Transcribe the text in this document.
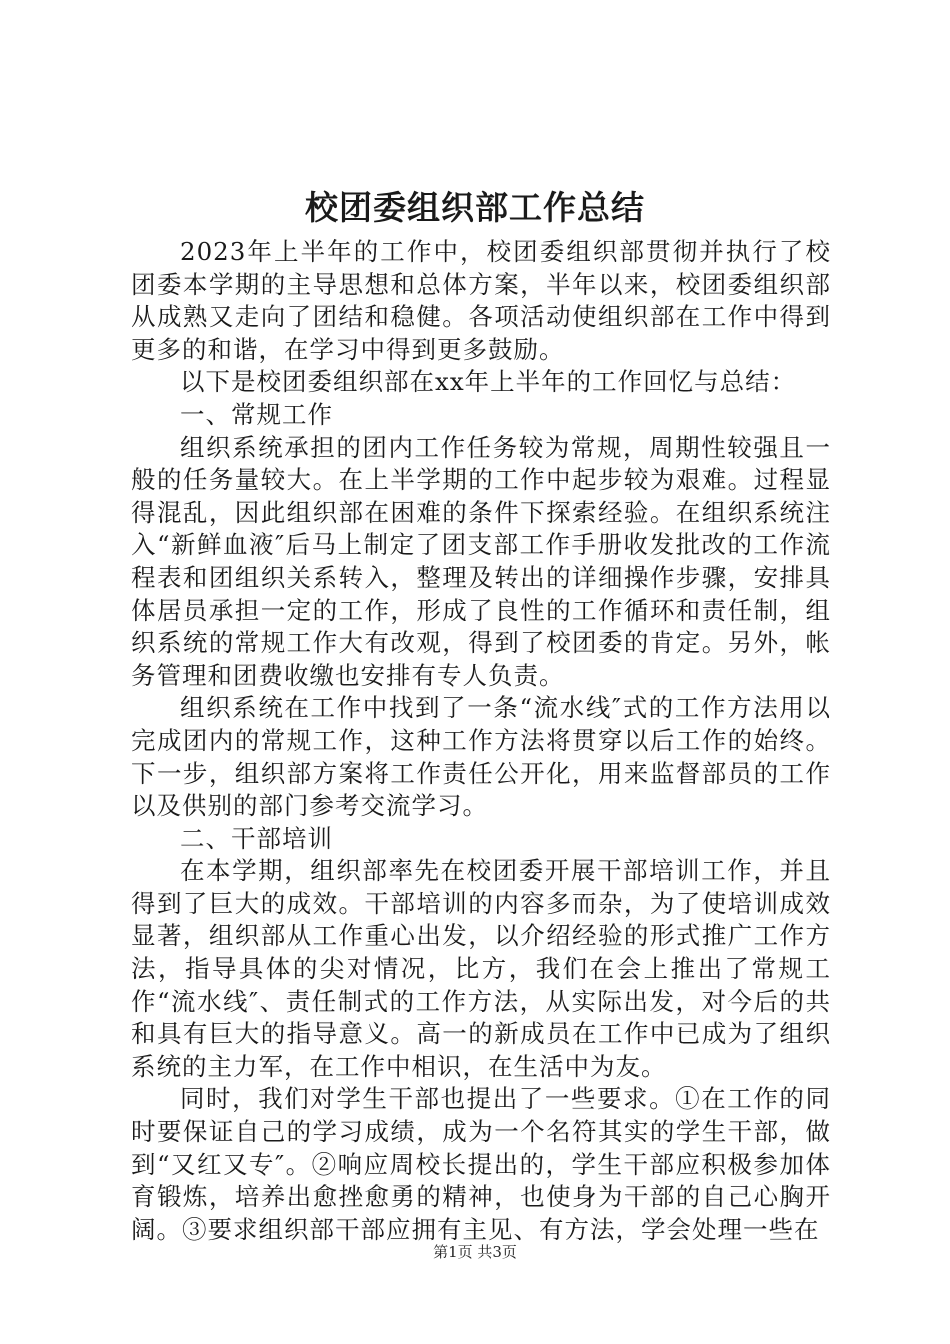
校团委组织部工作总结

2023年上半年的工作中，校团委组织部贯彻并执行了校团委本学期的主导思想和总体方案，半年以来，校团委组织部从成熟又走向了团结和稳健。各项活动使组织部在工作中得到更多的和谐，在学习中得到更多鼓励。

以下是校团委组织部在xx年上半年的工作回忆与总结：

一、常规工作

组织系统承担的团内工作任务较为常规，周期性较强且一般的任务量较大。在上半学期的工作中起步较为艰难。过程显得混乱，因此组织部在困难的条件下探索经验。在组织系统注入“新鲜血液″后马上制定了团支部工作手册收发批改的工作流程表和团组织关系转入，整理及转出的详细操作步骤，安排具体居员承担一定的工作，形成了良性的工作循环和责任制，组织系统的常规工作大有改观，得到了校团委的肯定。另外，帐务管理和团费收缴也安排有专人负责。

组织系统在工作中找到了一条“流水线″式的工作方法用以完成团内的常规工作，这种工作方法将贯穿以后工作的始终。下一步，组织部方案将工作责任公开化，用来监督部员的工作以及供别的部门参考交流学习。

二、干部培训

在本学期，组织部率先在校团委开展干部培训工作，并且得到了巨大的成效。干部培训的内容多而杂，为了使培训成效显著，组织部从工作重心出发，以介绍经验的形式推广工作方法，指导具体的尖对情况，比方，我们在会上推出了常规工作“流水线″、责任制式的工作方法，从实际出发，对今后的共和具有巨大的指导意义。高一的新成员在工作中已成为了组织系统的主力军，在工作中相识，在生活中为友。

同时，我们对学生干部也提出了一些要求。①在工作的同时要保证自己的学习成绩，成为一个名符其实的学生干部，做到“又红又专″。②响应周校长提出的，学生干部应积极参加体育锻炼，培养出愈挫愈勇的精神，也使身为干部的自己心胸开阔。③要求组织部干部应拥有主见、有方法，学会处理一些在

第1页 共3页
